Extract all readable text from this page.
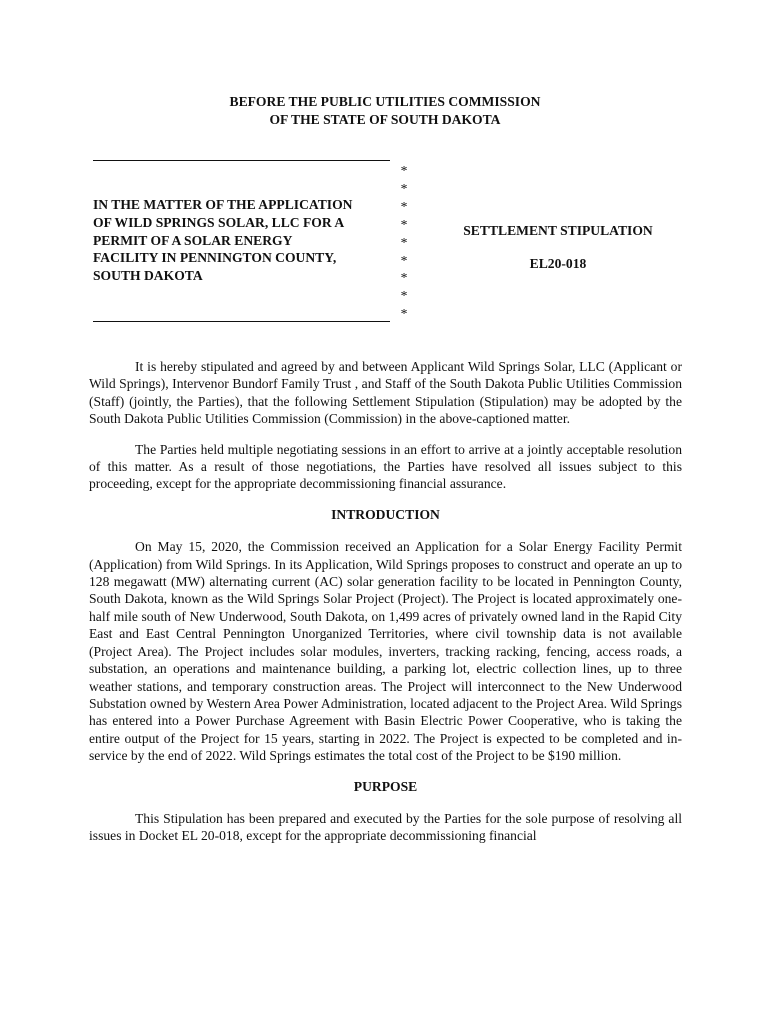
BEFORE THE PUBLIC UTILITIES COMMISSION
OF THE STATE OF SOUTH DAKOTA
IN THE MATTER OF THE APPLICATION
OF WILD SPRINGS SOLAR, LLC FOR A
PERMIT OF A SOLAR ENERGY
FACILITY IN PENNINGTON COUNTY,
SOUTH DAKOTA
*
*
*
*
*
*
*
*
*
SETTLEMENT STIPULATION
EL20-018

It is hereby stipulated and agreed by and between Applicant Wild Springs Solar, LLC (Applicant or Wild Springs), Intervenor Bundorf Family Trust , and Staff of the South Dakota Public Utilities Commission (Staff) (jointly, the Parties), that the following Settlement Stipulation (Stipulation) may be adopted by the South Dakota Public Utilities Commission (Commission) in the above-captioned matter.

The Parties held multiple negotiating sessions in an effort to arrive at a jointly acceptable resolution of this matter. As a result of those negotiations, the Parties have resolved all issues subject to this proceeding, except for the appropriate decommissioning financial assurance.

INTRODUCTION

On May 15, 2020, the Commission received an Application for a Solar Energy Facility Permit (Application) from Wild Springs. In its Application, Wild Springs proposes to construct and operate an up to 128 megawatt (MW) alternating current (AC) solar generation facility to be located in Pennington County, South Dakota, known as the Wild Springs Solar Project (Project). The Project is located approximately one-half mile south of New Underwood, South Dakota, on 1,499 acres of privately owned land in the Rapid City East and East Central Pennington Unorganized Territories, where civil township data is not available (Project Area). The Project includes solar modules, inverters, tracking racking, fencing, access roads, a substation, an operations and maintenance building, a parking lot, electric collection lines, up to three weather stations, and temporary construction areas. The Project will interconnect to the New Underwood Substation owned by Western Area Power Administration, located adjacent to the Project Area. Wild Springs has entered into a Power Purchase Agreement with Basin Electric Power Cooperative, who is taking the entire output of the Project for 15 years, starting in 2022. The Project is expected to be completed and in-service by the end of 2022. Wild Springs estimates the total cost of the Project to be $190 million.

PURPOSE

This Stipulation has been prepared and executed by the Parties for the sole purpose of resolving all issues in Docket EL 20-018, except for the appropriate decommissioning financial
